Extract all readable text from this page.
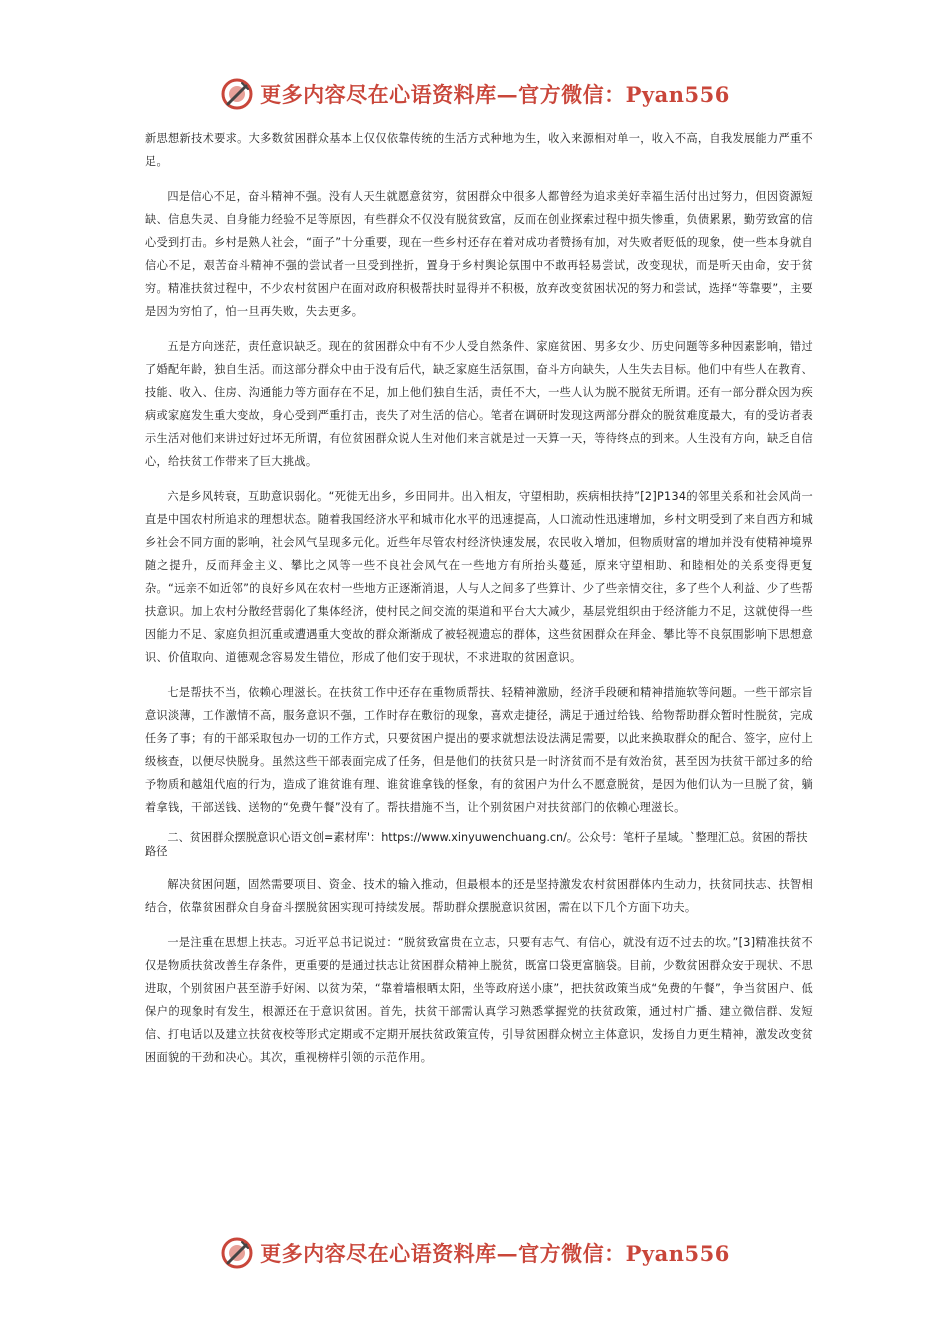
更多内容尽在心语资料库—官方微信：Pyan556

新思想新技术要求。大多数贫困群众基本上仅仅依靠传统的生活方式种地为生，收入来源相对单一，收入不高，自我发展能力严重不足。

四是信心不足，奋斗精神不强。没有人天生就愿意贫穷，贫困群众中很多人都曾经为追求美好幸福生活付出过努力，但因资源短缺、信息失灵、自身能力经验不足等原因，有些群众不仅没有脱贫致富，反而在创业探索过程中损失惨重，负债累累，勤劳致富的信心受到打击。乡村是熟人社会，“面子”十分重要，现在一些乡村还存在着对成功者赞扬有加，对失败者贬低的现象，使一些本身就自信心不足，艰苦奋斗精神不强的尝试者一旦受到挫折，置身于乡村舆论氛围中不敢再轻易尝试，改变现状，而是听天由命，安于贫穷。精准扶贫过程中，不少农村贫困户在面对政府积极帮扶时显得并不积极，放弃改变贫困状况的努力和尝试，选择“等靠要”，主要是因为穷怕了，怕一旦再失败，失去更多。

五是方向迷茫，责任意识缺乏。现在的贫困群众中有不少人受自然条件、家庭贫困、男多女少、历史问题等多种因素影响，错过了婚配年龄，独自生活。而这部分群众中由于没有后代，缺乏家庭生活氛围，奋斗方向缺失，人生失去目标。他们中有些人在教育、技能、收入、住房、沟通能力等方面存在不足，加上他们独自生活，责任不大，一些人认为脱不脱贫无所谓。还有一部分群众因为疾病或家庭发生重大变故，身心受到严重打击，丧失了对生活的信心。笔者在调研时发现这两部分群众的脱贫难度最大，有的受访者表示生活对他们来讲过好过坏无所谓，有位贫困群众说人生对他们来言就是过一天算一天，等待终点的到来。人生没有方向，缺乏自信心，给扶贫工作带来了巨大挑战。

六是乡风转衰，互助意识弱化。“死徙无出乡，乡田同井。出入相友，守望相助，疾病相扶持”[2]P134的邻里关系和社会风尚一直是中国农村所追求的理想状态。随着我国经济水平和城市化水平的迅速提高，人口流动性迅速增加，乡村文明受到了来自西方和城乡社会不同方面的影响，社会风气呈现多元化。近些年尽管农村经济快速发展，农民收入增加，但物质财富的增加并没有使精神境界随之提升，反而拜金主义、攀比之风等一些不良社会风气在一些地方有所抬头蔓延，原来守望相助、和睦相处的关系变得更复杂。“远亲不如近邻”的良好乡风在农村一些地方正逐渐消退，人与人之间多了些算计、少了些亲情交往，多了些个人利益、少了些帮扶意识。加上农村分散经营弱化了集体经济，使村民之间交流的渠道和平台大大减少，基层党组织由于经济能力不足，这就使得一些因能力不足、家庭负担沉重或遭遇重大变故的群众渐渐成了被轻视遗忘的群体，这些贫困群众在拜金、攀比等不良氛围影响下思想意识、价值取向、道德观念容易发生错位，形成了他们安于现状，不求进取的贫困意识。

七是帮扶不当，依赖心理滋长。在扶贫工作中还存在重物质帮扶、轻精神激励，经济手段硬和精神措施软等问题。一些干部宗旨意识淡薄，工作激情不高，服务意识不强，工作时存在敷衍的现象，喜欢走捷径，满足于通过给钱、给物帮助群众暂时性脱贫，完成任务了事；有的干部采取包办一切的工作方式，只要贫困户提出的要求就想法设法满足需要，以此来换取群众的配合、签字，应付上级核查，以便尽快脱身。虽然这些干部表面完成了任务，但是他们的扶贫只是一时济贫而不是有效治贫，甚至因为扶贫干部过多的给予物质和越俎代庖的行为，造成了谁贫谁有理、谁贫谁拿钱的怪象，有的贫困户为什么不愿意脱贫，是因为他们认为一旦脱了贫，躺着拿钱，干部送钱、送物的“免费午餐”没有了。帮扶措施不当，让个别贫困户对扶贫部门的依赖心理滋长。

二、贫困群众摆脱意识心语文创=素材库'：https://www.xinyuwenchuang.cn/。公众号：笔杆子星域。`整理汇总。贫困的帮扶路径

解决贫困问题，固然需要项目、资金、技术的输入推动，但最根本的还是坚持激发农村贫困群体内生动力，扶贫同扶志、扶智相结合，依靠贫困群众自身奋斗摆脱贫困实现可持续发展。帮助群众摆脱意识贫困，需在以下几个方面下功夫。

一是注重在思想上扶志。习近平总书记说过：“脱贫致富贵在立志，只要有志气、有信心，就没有迈不过去的坎。”[3]精准扶贫不仅是物质扶贫改善生存条件，更重要的是通过扶志让贫困群众精神上脱贫，既富口袋更富脑袋。目前，少数贫困群众安于现状、不思进取，个别贫困户甚至游手好闲、以贫为荣，“靠着墙根晒太阳，坐等政府送小康”，把扶贫政策当成“免费的午餐”，争当贫困户、低保户的现象时有发生，根源还在于意识贫困。首先，扶贫干部需认真学习熟悉掌握党的扶贫政策，通过村广播、建立微信群、发短信、打电话以及建立扶贫夜校等形式定期或不定期开展扶贫政策宣传，引导贫困群众树立主体意识，发扬自力更生精神，激发改变贫困面貌的干劲和决心。其次，重视榜样引领的示范作用。

更多内容尽在心语资料库—官方微信：Pyan556
